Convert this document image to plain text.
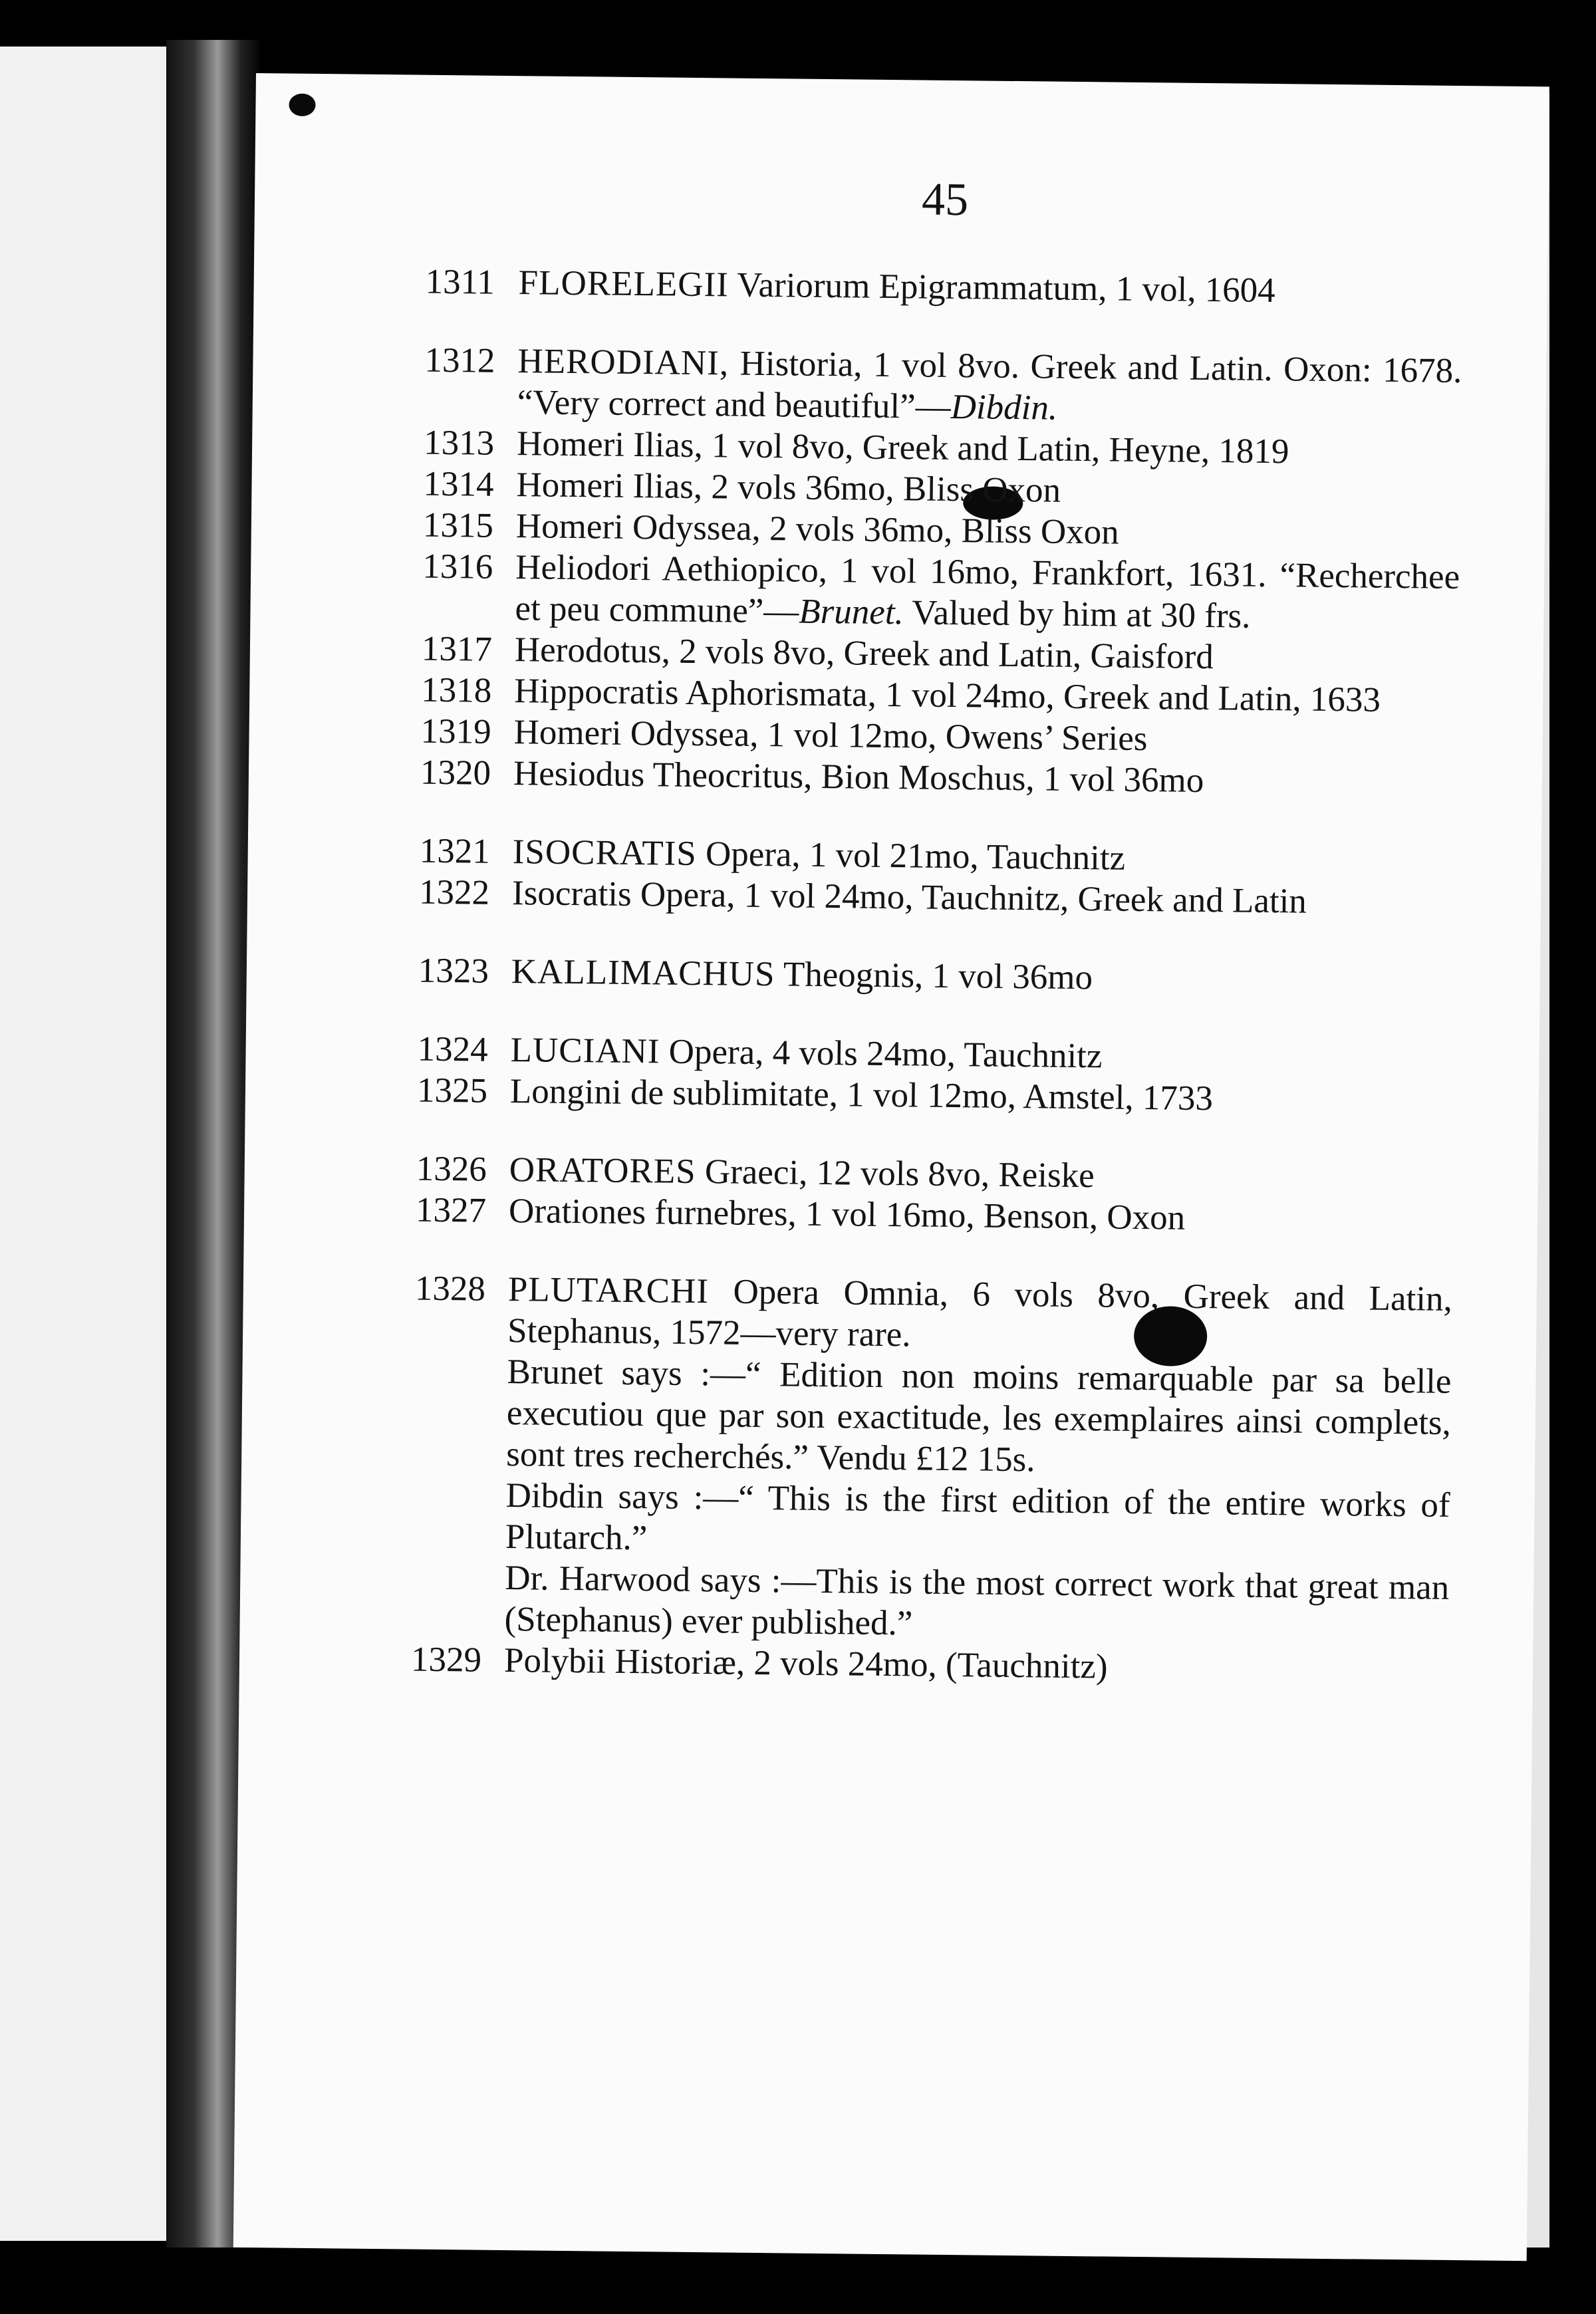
45
1311 FLORELEGII Variorum Epigrammatum, 1 vol, 1604
1312 HERODIANI, Historia, 1 vol 8vo. Greek and Latin. Oxon: 1678. “Very correct and beautiful”—Dibdin.
1313 Homeri Ilias, 1 vol 8vo, Greek and Latin, Heyne, 1819
1314 Homeri Ilias, 2 vols 36mo, Bliss Oxon
1315 Homeri Odyssea, 2 vols 36mo, Bliss Oxon
1316 Heliodori Aethiopico, 1 vol 16mo, Frankfort, 1631. “Recherchee et peu commune”—Brunet. Valued by him at 30 frs.
1317 Herodotus, 2 vols 8vo, Greek and Latin, Gaisford
1318 Hippocratis Aphorismata, 1 vol 24mo, Greek and Latin, 1633
1319 Homeri Odyssea, 1 vol 12mo, Owens’ Series
1320 Hesiodus Theocritus, Bion Moschus, 1 vol 36mo
1321 ISOCRATIS Opera, 1 vol 21mo, Tauchnitz
1322 Isocratis Opera, 1 vol 24mo, Tauchnitz, Greek and Latin
1323 KALLIMACHUS Theognis, 1 vol 36mo
1324 LUCIANI Opera, 4 vols 24mo, Tauchnitz
1325 Longini de sublimitate, 1 vol 12mo, Amstel, 1733
1326 ORATORES Graeci, 12 vols 8vo, Reiske
1327 Orationes furnebres, 1 vol 16mo, Benson, Oxon
1328 PLUTARCHI Opera Omnia, 6 vols 8vo, Greek and Latin, Stephanus, 1572—very rare.
Brunet says :—“ Edition non moins remarquable par sa belle executiou que par son exactitude, les exemplaires ainsi complets, sont tres recherchés.” Vendu £12 15s.
Dibdin says :—“ This is the first edition of the entire works of Plutarch.”
Dr. Harwood says :—This is the most correct work that great man (Stephanus) ever published.”
1329 Polybii Historiæ, 2 vols 24mo, (Tauchnitz)
